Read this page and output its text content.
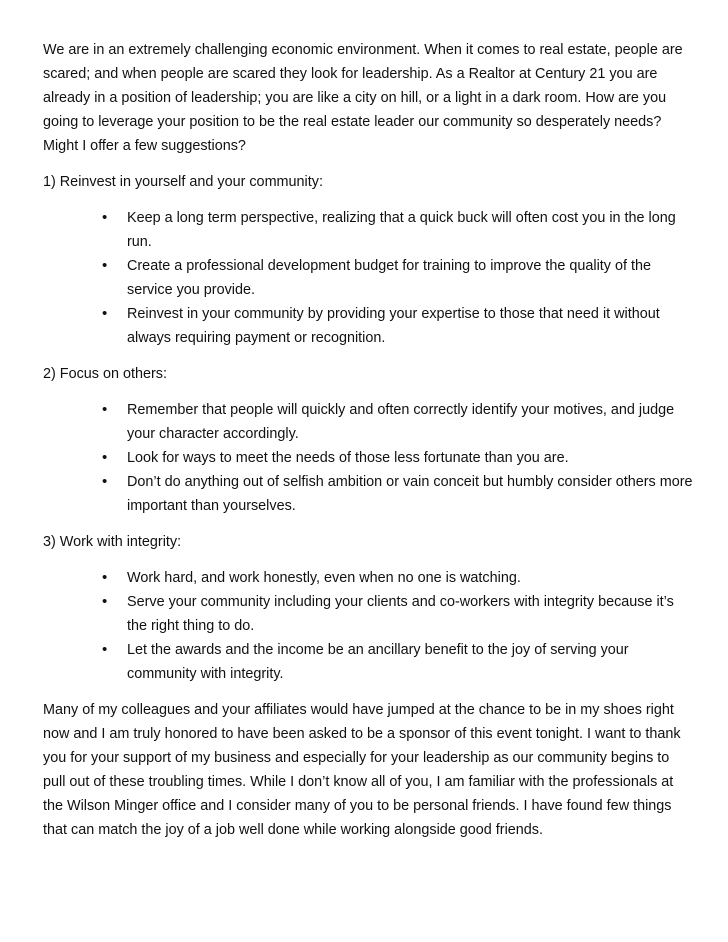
We are in an extremely challenging economic environment. When it comes to real estate, people are scared; and when people are scared they look for leadership. As a Realtor at Century 21 you are already in a position of leadership; you are like a city on hill, or a light in a dark room. How are you going to leverage your position to be the real estate leader our community so desperately needs? Might I offer a few suggestions?

1) Reinvest in yourself and your community:

• Keep a long term perspective, realizing that a quick buck will often cost you in the long run.
• Create a professional development budget for training to improve the quality of the service you provide.
• Reinvest in your community by providing your expertise to those that need it without always requiring payment or recognition.

2) Focus on others:

• Remember that people will quickly and often correctly identify your motives, and judge your character accordingly.
• Look for ways to meet the needs of those less fortunate than you are.
• Don’t do anything out of selfish ambition or vain conceit but humbly consider others more important than yourselves.

3) Work with integrity:

• Work hard, and work honestly, even when no one is watching.
• Serve your community including your clients and co-workers with integrity because it’s the right thing to do.
• Let the awards and the income be an ancillary benefit to the joy of serving your community with integrity.

Many of my colleagues and your affiliates would have jumped at the chance to be in my shoes right now and I am truly honored to have been asked to be a sponsor of this event tonight. I want to thank you for your support of my business and especially for your leadership as our community begins to pull out of these troubling times. While I don’t know all of you, I am familiar with the professionals at the Wilson Minger office and I consider many of you to be personal friends. I have found few things that can match the joy of a job well done while working alongside good friends.
